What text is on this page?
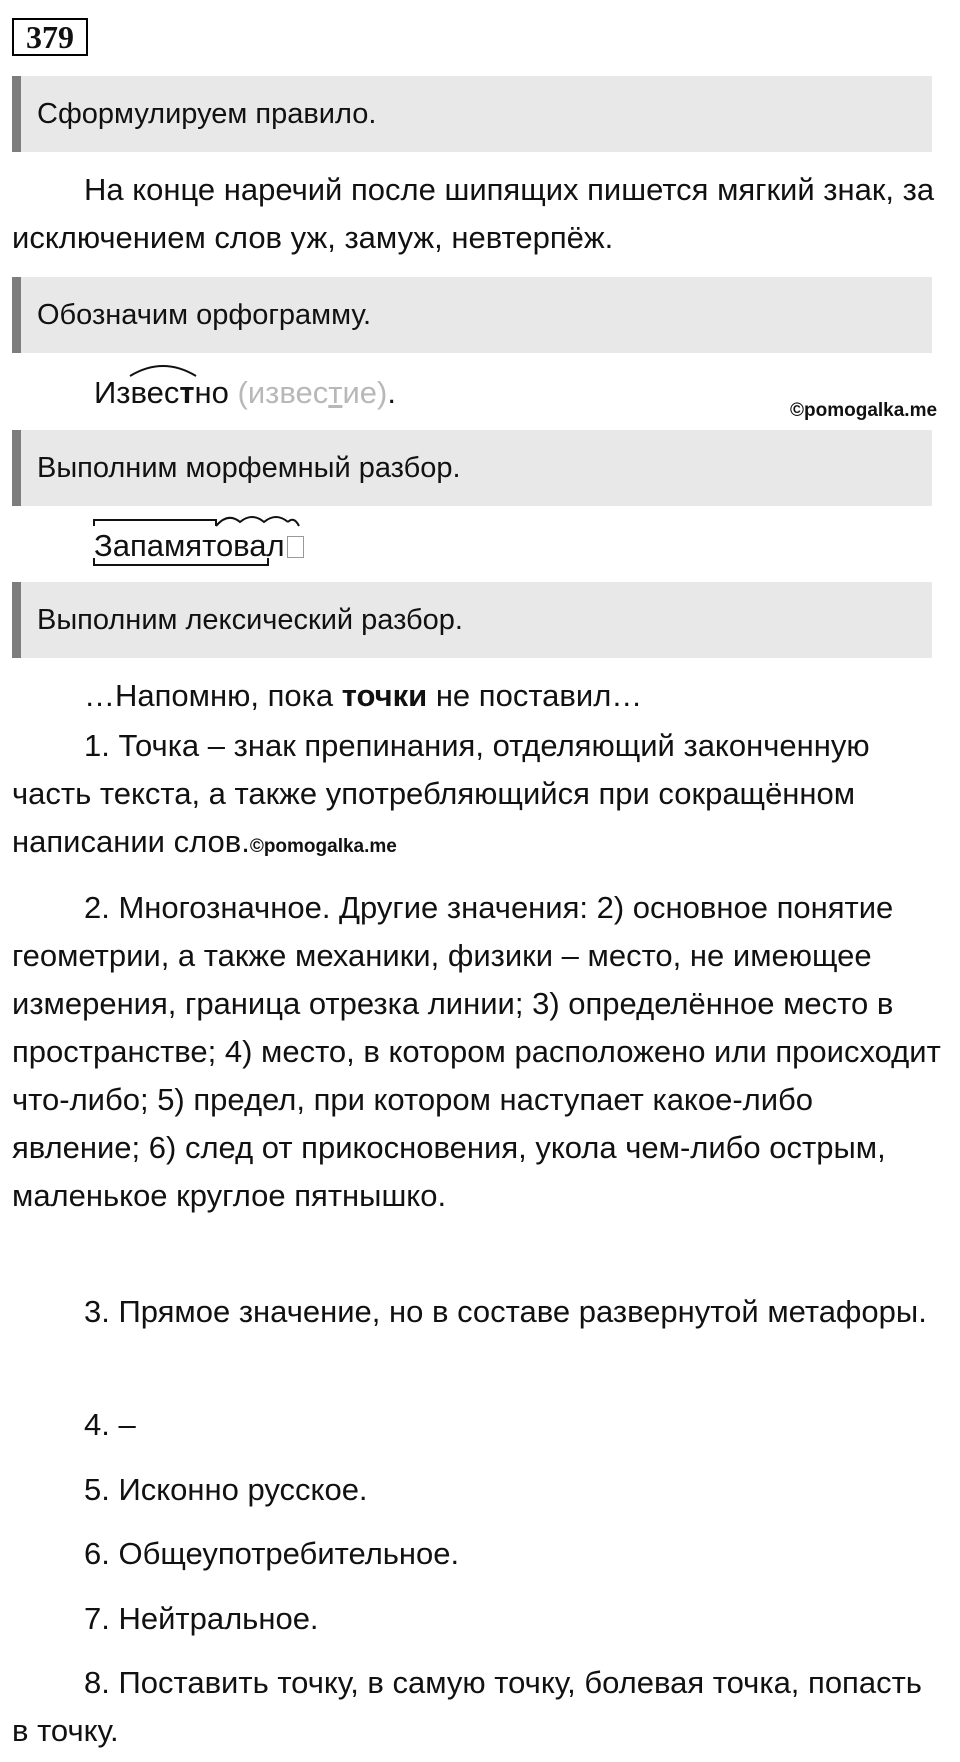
379
Сформулируем правило.
На конце наречий после шипящих пишется мягкий знак, за исключением слов уж, замуж, невтерпёж.
Обозначим орфограмму.
Известно (известие).
©pomogalka.me
Выполним морфемный разбор.
Запамятовал
Выполним лексический разбор.
…Напомню, пока точки не поставил…
1. Точка – знак препинания, отделяющий законченную часть текста, а также употребляющийся при сокращённом написании слов.©pomogalka.me
2. Многозначное. Другие значения: 2) основное понятие геометрии, а также механики, физики – место, не имеющее измерения, граница отрезка линии; 3) определённое место в пространстве; 4) место, в котором расположено или происходит что-либо; 5) предел, при котором наступает какое-либо явление; 6) след от прикосновения, укола чем-либо острым, маленькое круглое пятнышко.
3. Прямое значение, но в составе развернутой метафоры.
4. –
5. Исконно русское.
6. Общеупотребительное.
7. Нейтральное.
8. Поставить точку, в самую точку, болевая точка, попасть в точку.
